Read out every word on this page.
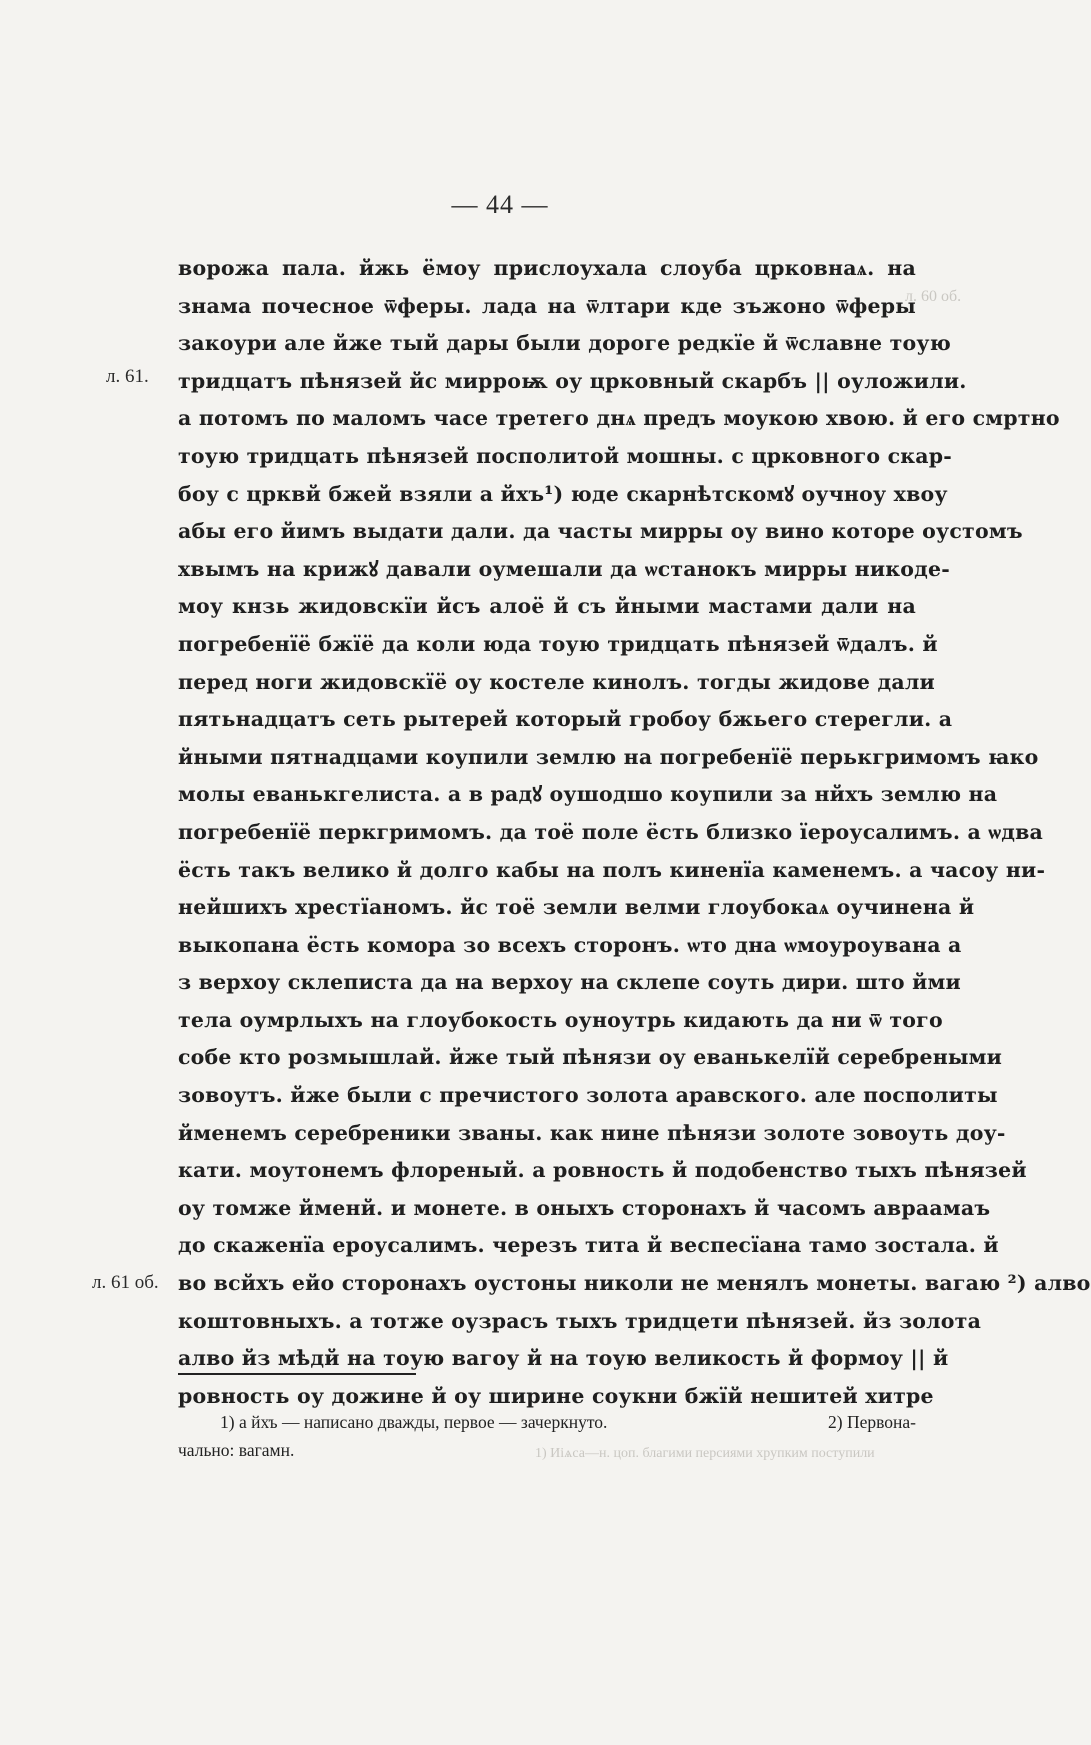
— 44 —
л. 61.
л. 61 об.
ворожа пала. йжь ёмоу прислоухала слоуба црковнаѧ. на
знама почесное ѿферы. лада на ѿлтари кде зъжоно ѿферы
закоури але йже тый дары были дороге редкїе й ѿславне тоую
тридцатъ пѣнязей йс мирроѭ оу црковный скарбъ || оуложили.
а потомъ по маломъ часе третего днѧ предъ моукою хвою. й его смртно
тоую тридцать пѣнязей посполитой мошны. с црковного скар-
боу с црквй бжей взяли а йхъ¹) юде скарнѣтскомꙋ оучноу хвоу
абы его йимъ выдати дали. да часты мирры оу вино которе оустомъ
хвымъ на крижꙋ давали оумешали да ѡстанокъ мирры никоде-
моу кнзь жидовскїи йсъ алоё й съ йными мастами дали на
погребенїё бжїё да коли юда тоую тридцать пѣнязей ѿдалъ. й
перед ноги жидовскїё оу костеле кинолъ. тогды жидове дали
пятьнадцатъ сеть рытерей который гробоу бжьего стерегли. а
йными пятнадцами коупили землю на погребенїё перькгримомъ ꙗко
молы еванькгелиста. а в радꙋ оушодшо коупили за нйхъ землю на
погребенїё перкгримомъ. да тоё поле ёсть близко їероусалимъ. а ѡдва
ёсть такъ велико й долго кабы на полъ киненїа каменемъ. а часоу ни-
нейшихъ хрестїаномъ. йс тоё земли велми глоубокаѧ оучинена й
выкопана ёсть комора зо всехъ сторонъ. ѡто дна ѡмоуроувана а
з верхоу склеписта да на верхоу на склепе соуть дири. што йми
тела оумрлыхъ на глоубокость оуноутрь кидають да ни ѿ того
собе кто розмышлай. йже тый пѣнязи оу еванькелїй серебреными
зовоутъ. йже были с пречистого золота аравского. але посполиты
йменемъ серебреники званы. как нине пѣнязи золоте зовоуть доу-
кати. моутонемъ флореный. а ровность й подобенство тыхъ пѣнязей
оу томже йменй. и монете. в оныхъ сторонахъ й часомъ авраамаъ
до скаженїа ероусалимъ. черезъ тита й веспесїана тамо зостала. й
во всйхъ ейо сторонахъ оустоны николи не менялъ монеты. вагаю ²) алво
коштовныхъ. а тотже оузрасъ тыхъ тридцети пѣнязей. йз золота
алво йз мѣдй на тоую вагоу й на тоую великость й формоу || й
ровность оу дожине й оу ширине соукни бжїй нешитей хитре
1) а йхъ — написано дважды, первое — зачеркнуто.	2) Первона-
чально: вагамн.
л. 60 об.
1) Иіѧса—н. цоп. благими персиями хрупким поступили
